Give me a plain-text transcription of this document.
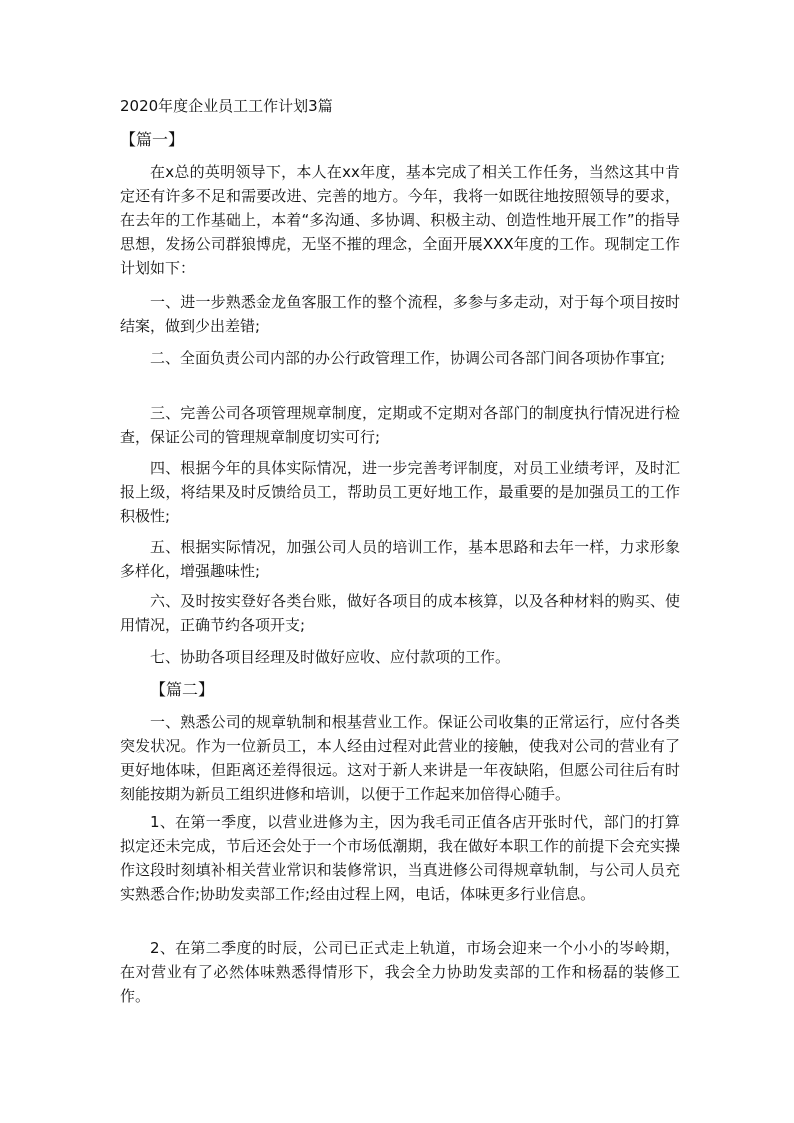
2020年度企业员工工作计划3篇
【篇一】

在x总的英明领导下，本人在xx年度，基本完成了相关工作任务，当然这其中肯定还有许多不足和需要改进、完善的地方。今年，我将一如既往地按照领导的要求，在去年的工作基础上，本着“多沟通、多协调、积极主动、创造性地开展工作”的指导思想，发扬公司群狼博虎，无坚不摧的理念，全面开展XXX年度的工作。现制定工作计划如下：

一、进一步熟悉金龙鱼客服工作的整个流程，多参与多走动，对于每个项目按时结案，做到少出差错;

二、全面负责公司内部的办公行政管理工作，协调公司各部门间各项协作事宜;

三、完善公司各项管理规章制度，定期或不定期对各部门的制度执行情况进行检查，保证公司的管理规章制度切实可行;

四、根据今年的具体实际情况，进一步完善考评制度，对员工业绩考评，及时汇报上级，将结果及时反馈给员工，帮助员工更好地工作，最重要的是加强员工的工作积极性;

五、根据实际情况，加强公司人员的培训工作，基本思路和去年一样，力求形象多样化，增强趣味性;

六、及时按实登好各类台账，做好各项目的成本核算，以及各种材料的购买、使用情况，正确节约各项开支;

七、协助各项目经理及时做好应收、应付款项的工作。

【篇二】

一、熟悉公司的规章轨制和根基营业工作。保证公司收集的正常运行，应付各类突发状况。作为一位新员工，本人经由过程对此营业的接触，使我对公司的营业有了更好地体味，但距离还差得很远。这对于新人来讲是一年夜缺陷，但愿公司往后有时刻能按期为新员工组织进修和培训，以便于工作起来加倍得心随手。

1、在第一季度，以营业进修为主，因为我毛司正值各店开张时代，部门的打算拟定还未完成，节后还会处于一个市场低潮期，我在做好本职工作的前提下会充实操作这段时刻填补相关营业常识和装修常识，当真进修公司得规章轨制，与公司人员充实熟悉合作;协助发卖部工作;经由过程上网，电话，体味更多行业信息。

2、在第二季度的时辰，公司已正式走上轨道，市场会迎来一个小小的岑岭期，在对营业有了必然体味熟悉得情形下，我会全力协助发卖部的工作和杨磊的装修工作。
